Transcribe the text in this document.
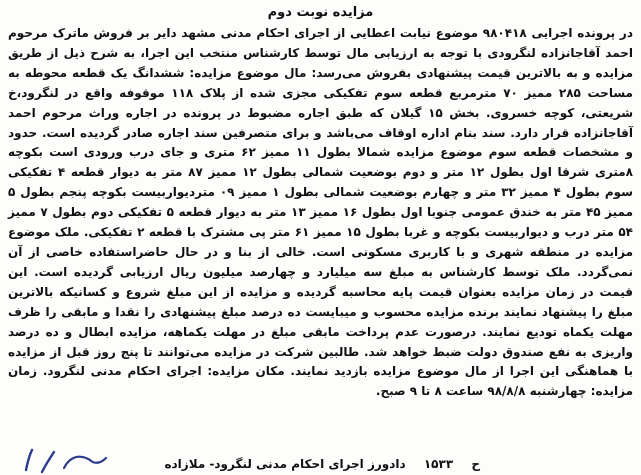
مزایده نوبت دوم

در پرونده اجرایی ۹۸۰۴۱۸ موضوع نیابت اعطایی از اجرای احکام مدنی مشهد دایر بر فروش ماترک مرحوم احمد آقاجانزاده لنگرودی با توجه به ارزیابی مال توسط کارشناس منتخب این اجرا، به شرح ذیل از طریق مزایده و به بالاترین قیمت پیشنهادی بفروش می‌رسد: مال موضوع مزایده: ششدانگ یک قطعه محوطه به مساحت ۲۸۵ ممیز ۷۰ مترمربع قطعه سوم تفکیکی مجزی شده از پلاک ۱۱۸ موقوفه واقع در لنگرود،خ شریعتی، کوچه خسروی. بخش ۱۵ گیلان که طبق اجاره مضبوط در پرونده در اجاره وراث مرحوم احمد آقاجانزاده قرار دارد. سند بنام اداره اوقاف می‌باشد و برای متصرفین سند اجاره صادر گردیده است. حدود و مشخصات قطعه سوم موضوع مزایده شمالا بطول ۱۱ ممیز ۶۲ متری و جای درب ورودی است بکوچه ۸متری شرقا اول بطول ۱۲ متر و دوم بوضعیت شمالی بطول ۱۲ ممیز ۸۷ متر به دیوار قطعه ۴ تفکیکی سوم بطول ۴ ممیز ۳۲ متر و چهارم بوضعیت شمالی بطول ۱ ممیز ۰۹ متردیواربیست بکوچه پنجم بطول ۵ ممیز ۴۵ متر به خندق عمومی جنوبا اول بطول ۱۶ ممیز ۱۳ متر به دیوار قطعه ۵ تفکیکی دوم بطول ۷ ممیز ۵۴ متر درب و دیواربیست بکوچه و غربا بطول ۱۵ ممیز ۶۱ متر پی مشترک با قطعه ۲ تفکیکی. ملک موضوع مزایده در منطقه شهری و با کاربری مسکونی است. خالی از بنا و در حال حاضراستفاده خاصی از آن نمی‌گردد. ملک توسط کارشناس به مبلغ سه میلیارد و چهارصد میلیون ریال ارزیابی گردیده است. این قیمت در زمان مزایده بعنوان قیمت پایه محاسبه گردیده و مزایده از این مبلغ شروع و کسانیکه بالاترین مبلغ را پیشنهاد نمایند برنده مزایده محسوب و میبایست ده درصد مبلغ پیشنهادی را نقدا و مابقی را ظرف مهلت یکماه تودیع نمایند. درصورت عدم پرداخت مابقی مبلغ در مهلت یکماهه، مزایده ابطال و ده درصد واریزی به نفع صندوق دولت ضبط خواهد شد. طالبین شرکت در مزایده می‌توانند تا پنج روز قبل از مزایده با هماهنگی این اجرا از مال موضوع مزایده بازدید نمایند. مکان مزایده: اجرای احکام مدنی لنگرود. زمان مزایده: چهارشنبه ۹۸/۸/۸ ساعت ۸ تا ۹ صبح.

ح ۱۵۳۳ دادورز اجرای احکام مدنی لنگرود- ملازاده
